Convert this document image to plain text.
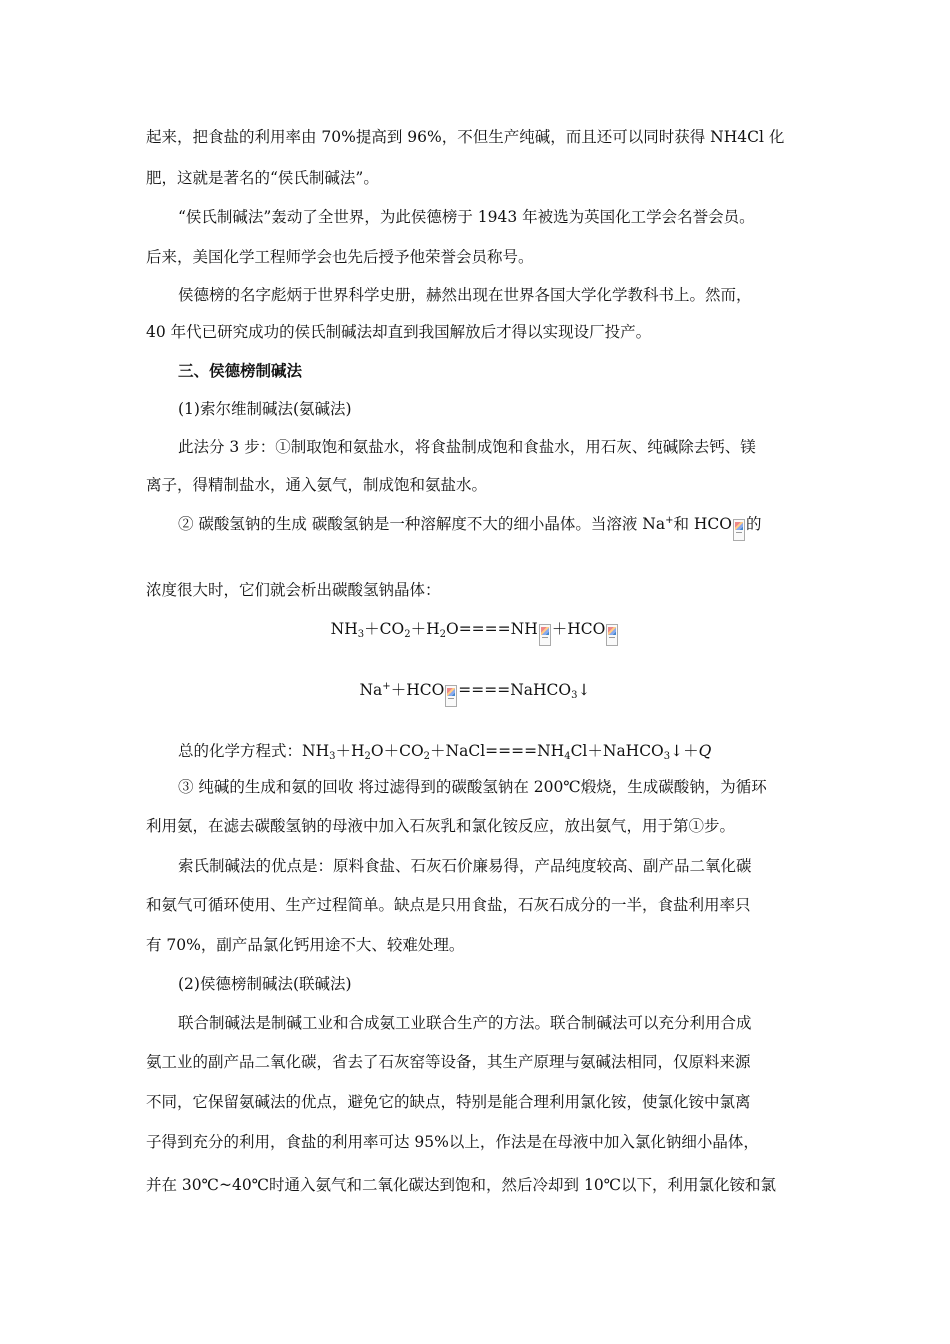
起来，把食盐的利用率由 70%提高到 96%，不但生产纯碱，而且还可以同时获得 NH4Cl 化
肥，这就是著名的“侯氏制碱法”。
“侯氏制碱法”轰动了全世界，为此侯德榜于 1943 年被选为英国化工学会名誉会员。
后来，美国化学工程师学会也先后授予他荣誉会员称号。
侯德榜的名字彪炳于世界科学史册，赫然出现在世界各国大学化学教科书上。然而，
40 年代已研究成功的侯氏制碱法却直到我国解放后才得以实现设厂投产。
三、侯德榜制碱法
(1)索尔维制碱法(氨碱法)
此法分 3 步：①制取饱和氨盐水，将食盐制成饱和食盐水，用石灰、纯碱除去钙、镁
离子，得精制盐水，通入氨气，制成饱和氨盐水。
② 碳酸氢钠的生成 碳酸氢钠是一种溶解度不大的细小晶体。当溶液 Na+和 HCO 的
浓度很大时，它们就会析出碳酸氢钠晶体：
$NH_3+CO_2+H_2O====NH +HCO$
Na+＋HCO ====NaHCO$_3$↓
总的化学方程式：$NH_3+H_2O+CO_2+NaCl====NH_4Cl+NaHCO_3↓+Q$
③ 纯碱的生成和氨的回收 将过滤得到的碳酸氢钠在 200℃煅烧，生成碳酸钠，为循环
利用氨，在滤去碳酸氢钠的母液中加入石灰乳和氯化铵反应，放出氨气，用于第①步。
索氏制碱法的优点是：原料食盐、石灰石价廉易得，产品纯度较高、副产品二氧化碳
和氨气可循环使用、生产过程简单。缺点是只用食盐，石灰石成分的一半，食盐利用率只
有 70%，副产品氯化钙用途不大、较难处理。
(2)侯德榜制碱法(联碱法)
联合制碱法是制碱工业和合成氨工业联合生产的方法。联合制碱法可以充分利用合成
氨工业的副产品二氧化碳，省去了石灰窑等设备，其生产原理与氨碱法相同，仅原料来源
不同，它保留氨碱法的优点，避免它的缺点，特别是能合理利用氯化铵，使氯化铵中氯离
子得到充分的利用，食盐的利用率可达 95%以上，作法是在母液中加入氯化钠细小晶体，
并在 30℃~40℃时通入氨气和二氧化碳达到饱和，然后冷却到 10℃以下，利用氯化铵和氯
